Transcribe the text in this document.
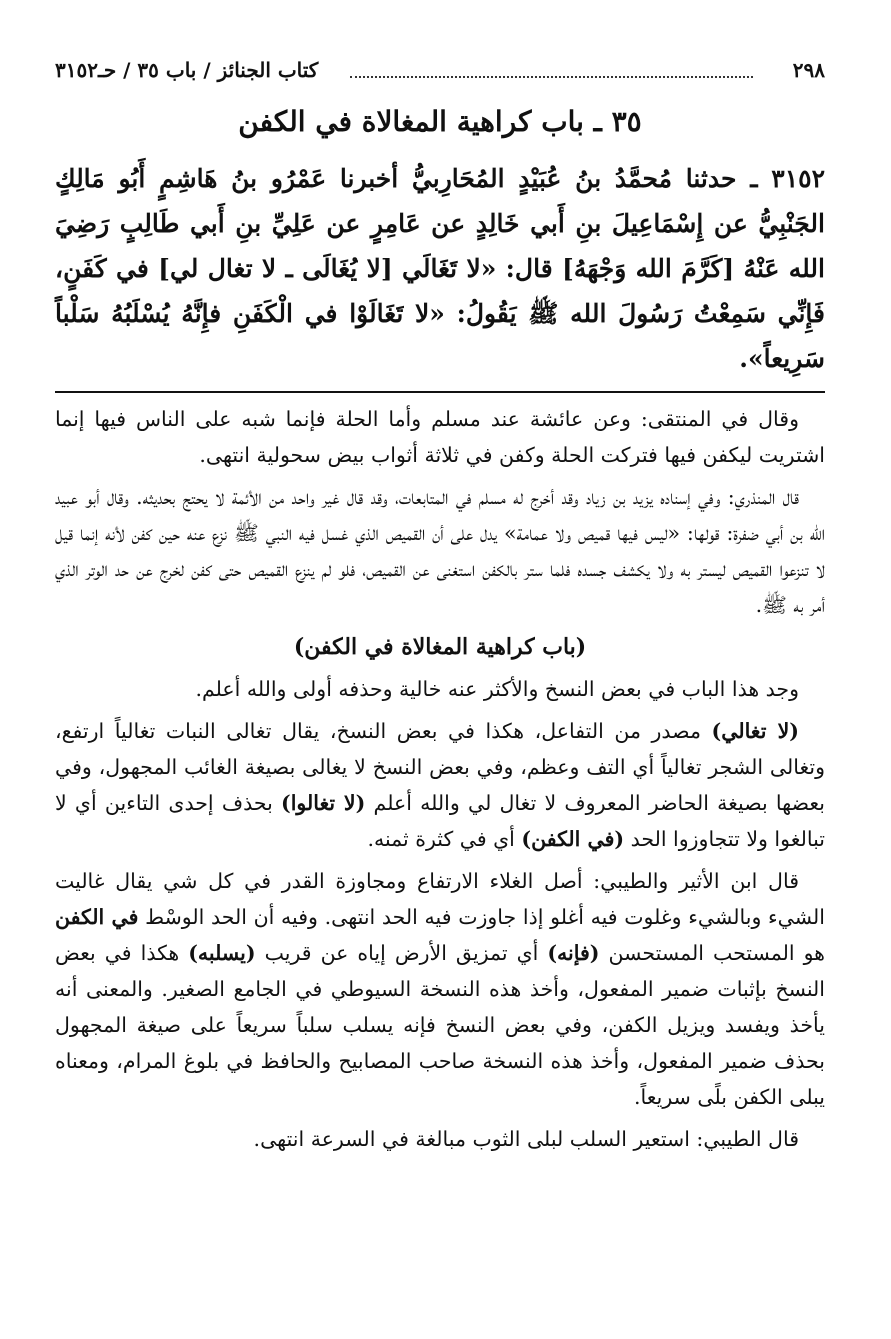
٢٩٨
كتاب الجنائز / باب ٣٥ / حـ٣١٥٢
٣٥ ـ باب كراهية المغالاة في الكفن
٣١٥٢ ـ حدثنا مُحمَّدُ بنُ عُبَيْدٍ المُحَارِبيُّ أخبرنا عَمْرُو بنُ هَاشِمٍ أَبُو مَالِكٍ الجَنْبِيُّ عن إِسْمَاعِيلَ بنِ أَبي خَالِدٍ عن عَامِرٍ عن عَلِيِّ بنِ أَبي طَالِبٍ رَضِيَ الله عَنْهُ [كَرَّمَ الله وَجْهَهُ] قال: «لا تَغَالَي [لا يُغَالَى ـ لا تغال لي] في كَفَنٍ، فَإِنِّي سَمِعْتُ رَسُولَ الله ﷺ يَقُولُ: «لا تَغَالَوْا في الْكَفَنِ فإِنَّهُ يُسْلَبُهُ سَلْباً سَرِيعاً».

وقال في المنتقى: وعن عائشة عند مسلم وأما الحلة فإنما شبه على الناس فيها إنما اشتريت ليكفن فيها فتركت الحلة وكفن في ثلاثة أثواب بيض سحولية انتهى.

قال المنذري: وفي إسناده يزيد بن زياد وقد أخرج له مسلم في المتابعات، وقد قال غير واحد من الأئمة لا يحتج بحديثه. وقال أبو عبيد الله بن أبي ضفرة: قولها: «ليس فيها قميص ولا عمامة» يدل على أن القميص الذي غسل فيه النبي ﷺ نزع عنه حين كفن لأنه إنما قيل لا تنزعوا القميص ليستر به ولا يكشف جسده فلما ستر بالكفن استغنى عن القميص، فلو لم ينزع القميص حتى كفن لخرج عن حد الوتر الذي أمر به ﷺ.

(باب كراهية المغالاة في الكفن)

وجد هذا الباب في بعض النسخ والأكثر عنه خالية وحذفه أولى والله أعلم.

(لا تغالي) مصدر من التفاعل، هكذا في بعض النسخ، يقال تغالى النبات تغالياً ارتفع، وتغالى الشجر تغالياً أي التف وعظم، وفي بعض النسخ لا يغالى بصيغة الغائب المجهول، وفي بعضها بصيغة الحاضر المعروف لا تغال لي والله أعلم (لا تغالوا) بحذف إحدى التاءين أي لا تبالغوا ولا تتجاوزوا الحد (في الكفن) أي في كثرة ثمنه.

قال ابن الأثير والطيبي: أصل الغلاء الارتفاع ومجاوزة القدر في كل شي يقال غاليت الشيء وبالشيء وغلوت فيه أغلو إذا جاوزت فيه الحد انتهى. وفيه أن الحد الوسْط في الكفن هو المستحب المستحسن (فإنه) أي تمزيق الأرض إياه عن قريب (يسلبه) هكذا في بعض النسخ بإثبات ضمير المفعول، وأخذ هذه النسخة السيوطي في الجامع الصغير. والمعنى أنه يأخذ ويفسد ويزيل الكفن، وفي بعض النسخ فإنه يسلب سلباً سريعاً على صيغة المجهول بحذف ضمير المفعول، وأخذ هذه النسخة صاحب المصابيح والحافظ في بلوغ المرام، ومعناه يبلى الكفن بلًى سريعاً.

قال الطيبي: استعير السلب لبلى الثوب مبالغة في السرعة انتهى.
